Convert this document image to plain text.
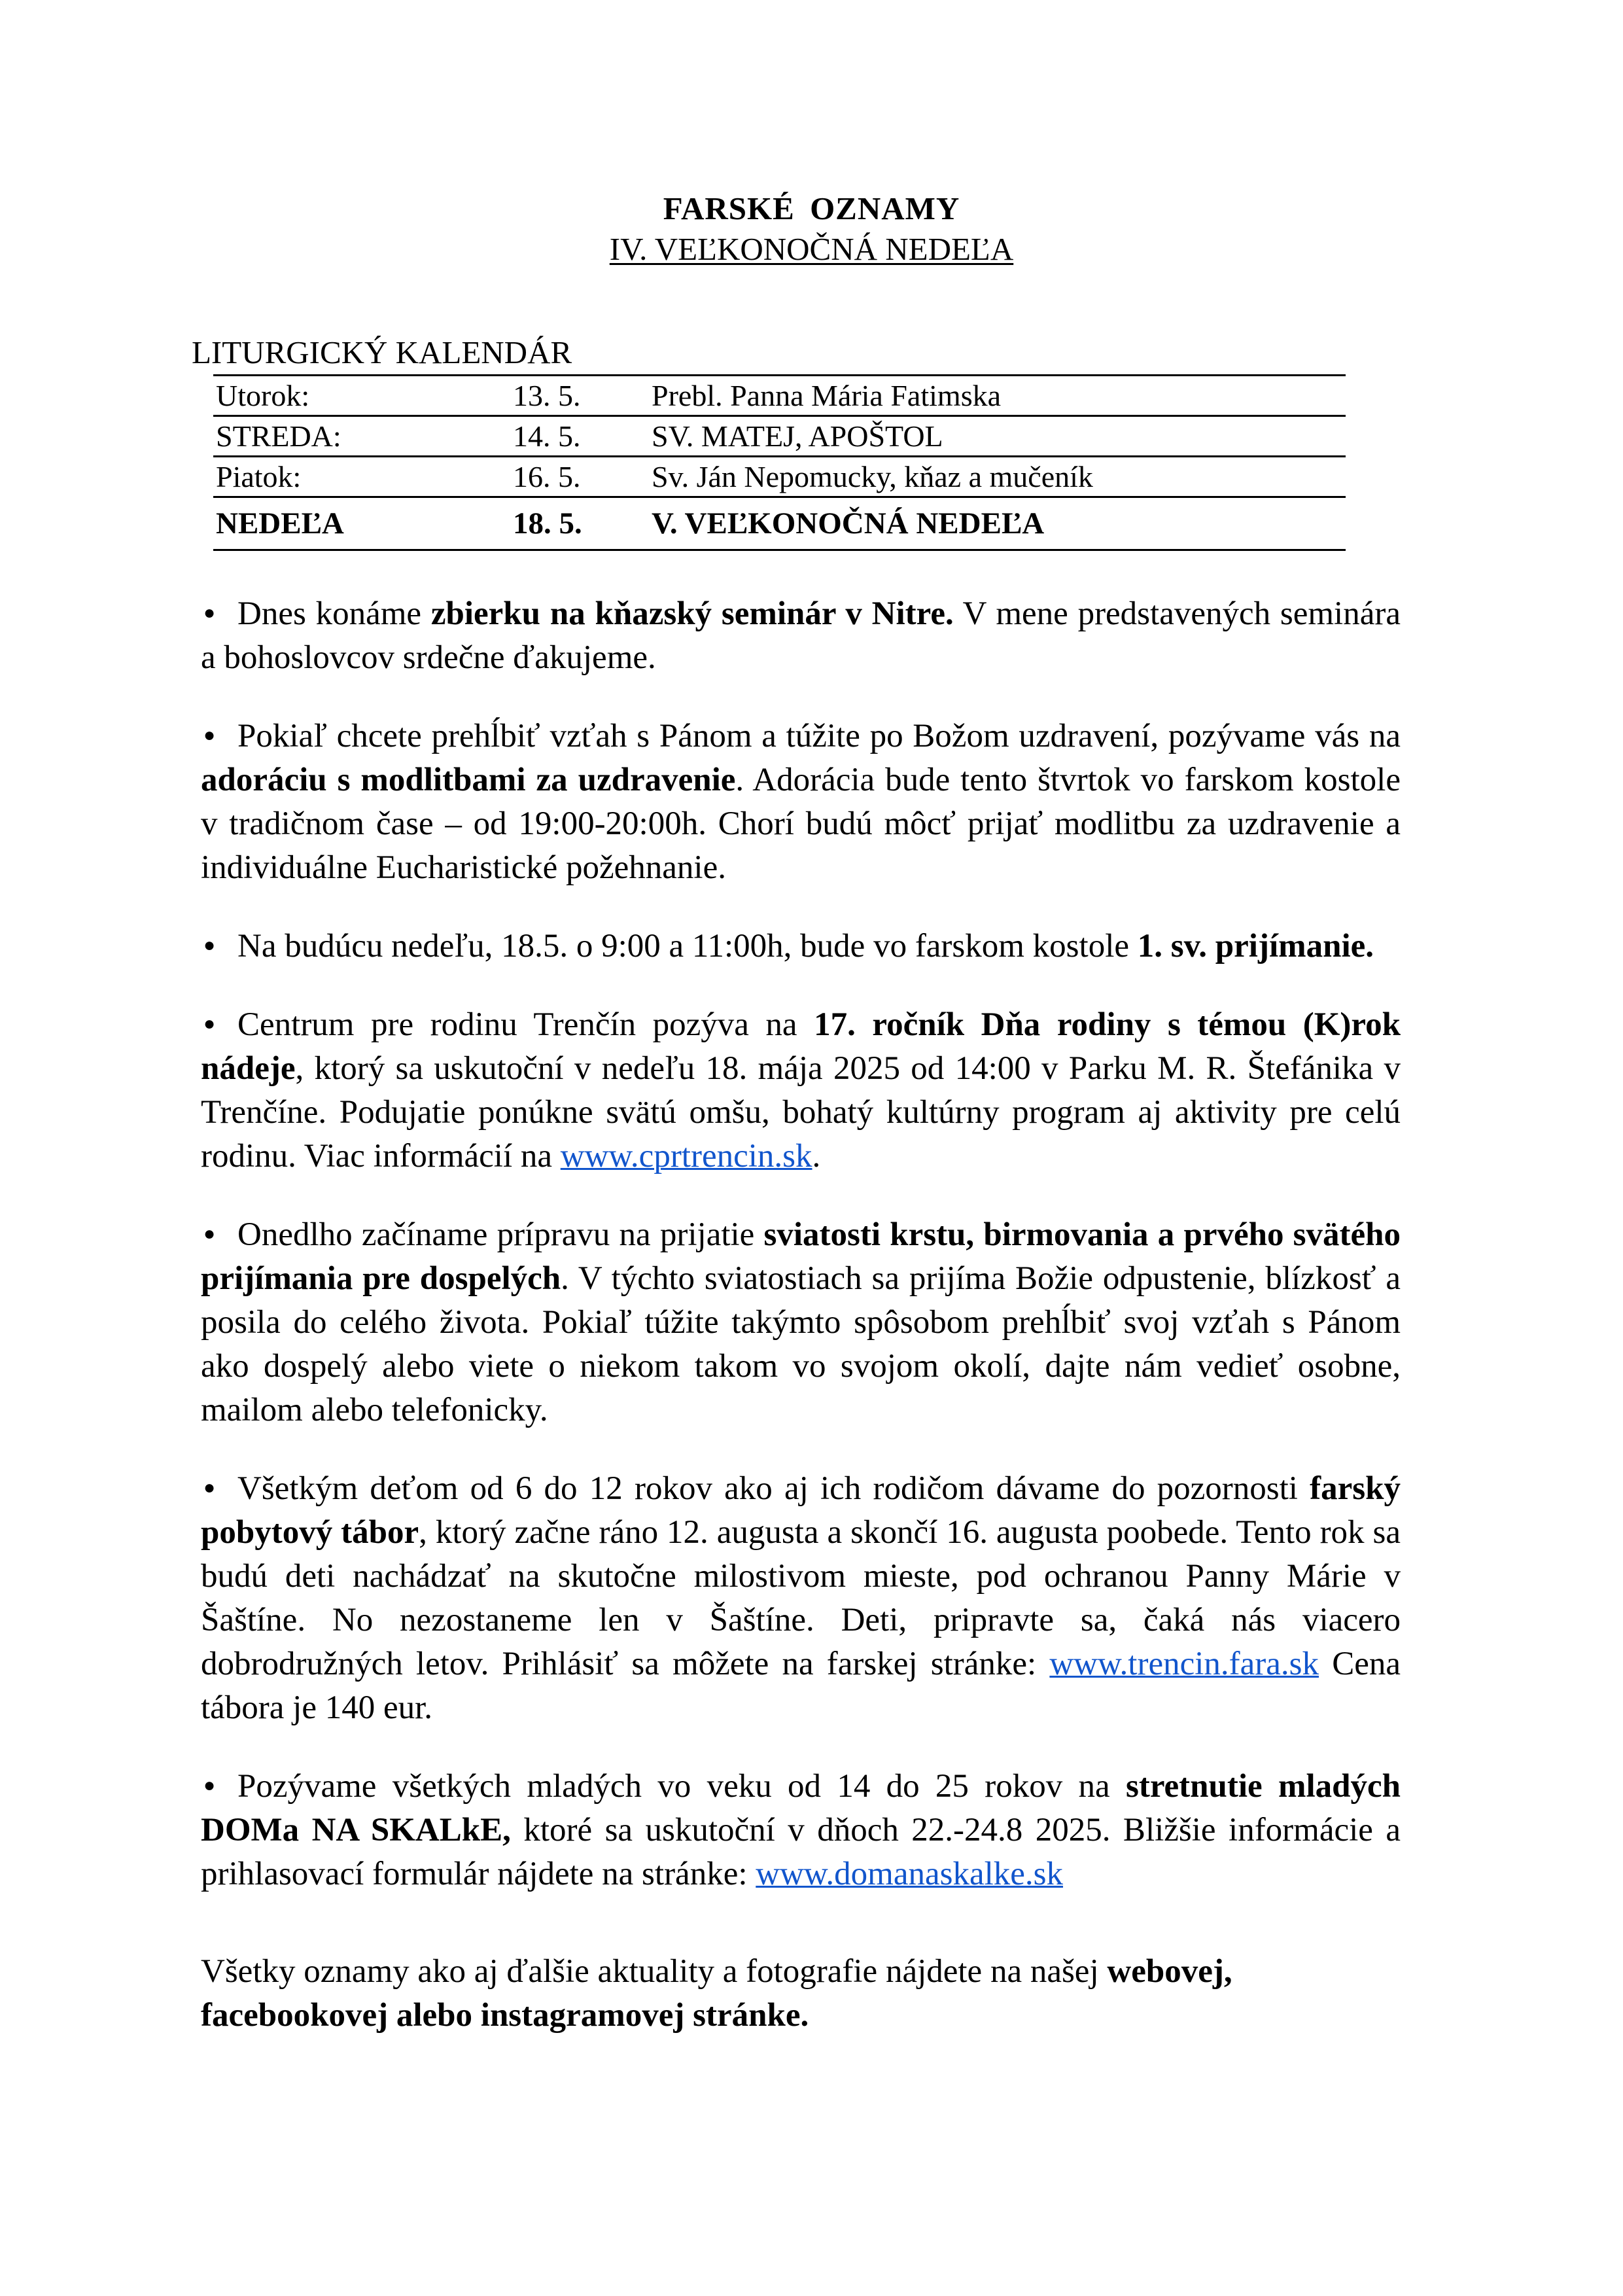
FARSKÉ OZNAMY
IV. VEĽKONOČNÁ NEDEĽA
LITURGICKÝ KALENDÁR
Utorok:	13. 5.	Prebl. Panna Mária Fatimska
STREDA:	14. 5.	SV. MATEJ, APOŠTOL
Piatok:	16. 5.	Sv. Ján Nepomucky, kňaz a mučeník
NEDEĽA	18. 5.	V. VEĽKONOČNÁ NEDEĽA

● Dnes konáme zbierku na kňazský seminár v Nitre. V mene predstavených seminára a bohoslovcov srdečne ďakujeme.

● Pokiaľ chcete prehĺbiť vzťah s Pánom a túžite po Božom uzdravení, pozývame vás na adoráciu s modlitbami za uzdravenie. Adorácia bude tento štvrtok vo farskom kostole v tradičnom čase – od 19:00-20:00h. Chorí budú môcť prijať modlitbu za uzdravenie a individuálne Eucharistické požehnanie.

● Na budúcu nedeľu, 18.5. o 9:00 a 11:00h, bude vo farskom kostole 1. sv. prijímanie.

● Centrum pre rodinu Trenčín pozýva na 17. ročník Dňa rodiny s témou (K)rok nádeje, ktorý sa uskutoční v nedeľu 18. mája 2025 od 14:00 v Parku M. R. Štefánika v Trenčíne. Podujatie ponúkne svätú omšu, bohatý kultúrny program aj aktivity pre celú rodinu. Viac informácií na www.cprtrencin.sk.

● Onedlho začíname prípravu na prijatie sviatosti krstu, birmovania a prvého svätého prijímania pre dospelých. V týchto sviatostiach sa prijíma Božie odpustenie, blízkosť a posila do celého života. Pokiaľ túžite takýmto spôsobom prehĺbiť svoj vzťah s Pánom ako dospelý alebo viete o niekom takom vo svojom okolí, dajte nám vedieť osobne, mailom alebo telefonicky.

● Všetkým deťom od 6 do 12 rokov ako aj ich rodičom dávame do pozornosti farský pobytový tábor, ktorý začne ráno 12. augusta a skončí 16. augusta poobede. Tento rok sa budú deti nachádzať na skutočne milostivom mieste, pod ochranou Panny Márie v Šaštíne. No nezostaneme len v Šaštíne. Deti, pripravte sa, čaká nás viacero dobrodružných letov. Prihlásiť sa môžete na farskej stránke: www.trencin.fara.sk Cena tábora je 140 eur.

● Pozývame všetkých mladých vo veku od 14 do 25 rokov na stretnutie mladých DOMa NA SKALkE, ktoré sa uskutoční v dňoch 22.-24.8 2025. Bližšie informácie a prihlasovací formulár nájdete na stránke: www.domanaskalke.sk

Všetky oznamy ako aj ďalšie aktuality a fotografie nájdete na našej webovej, facebookovej alebo instagramovej stránke.
